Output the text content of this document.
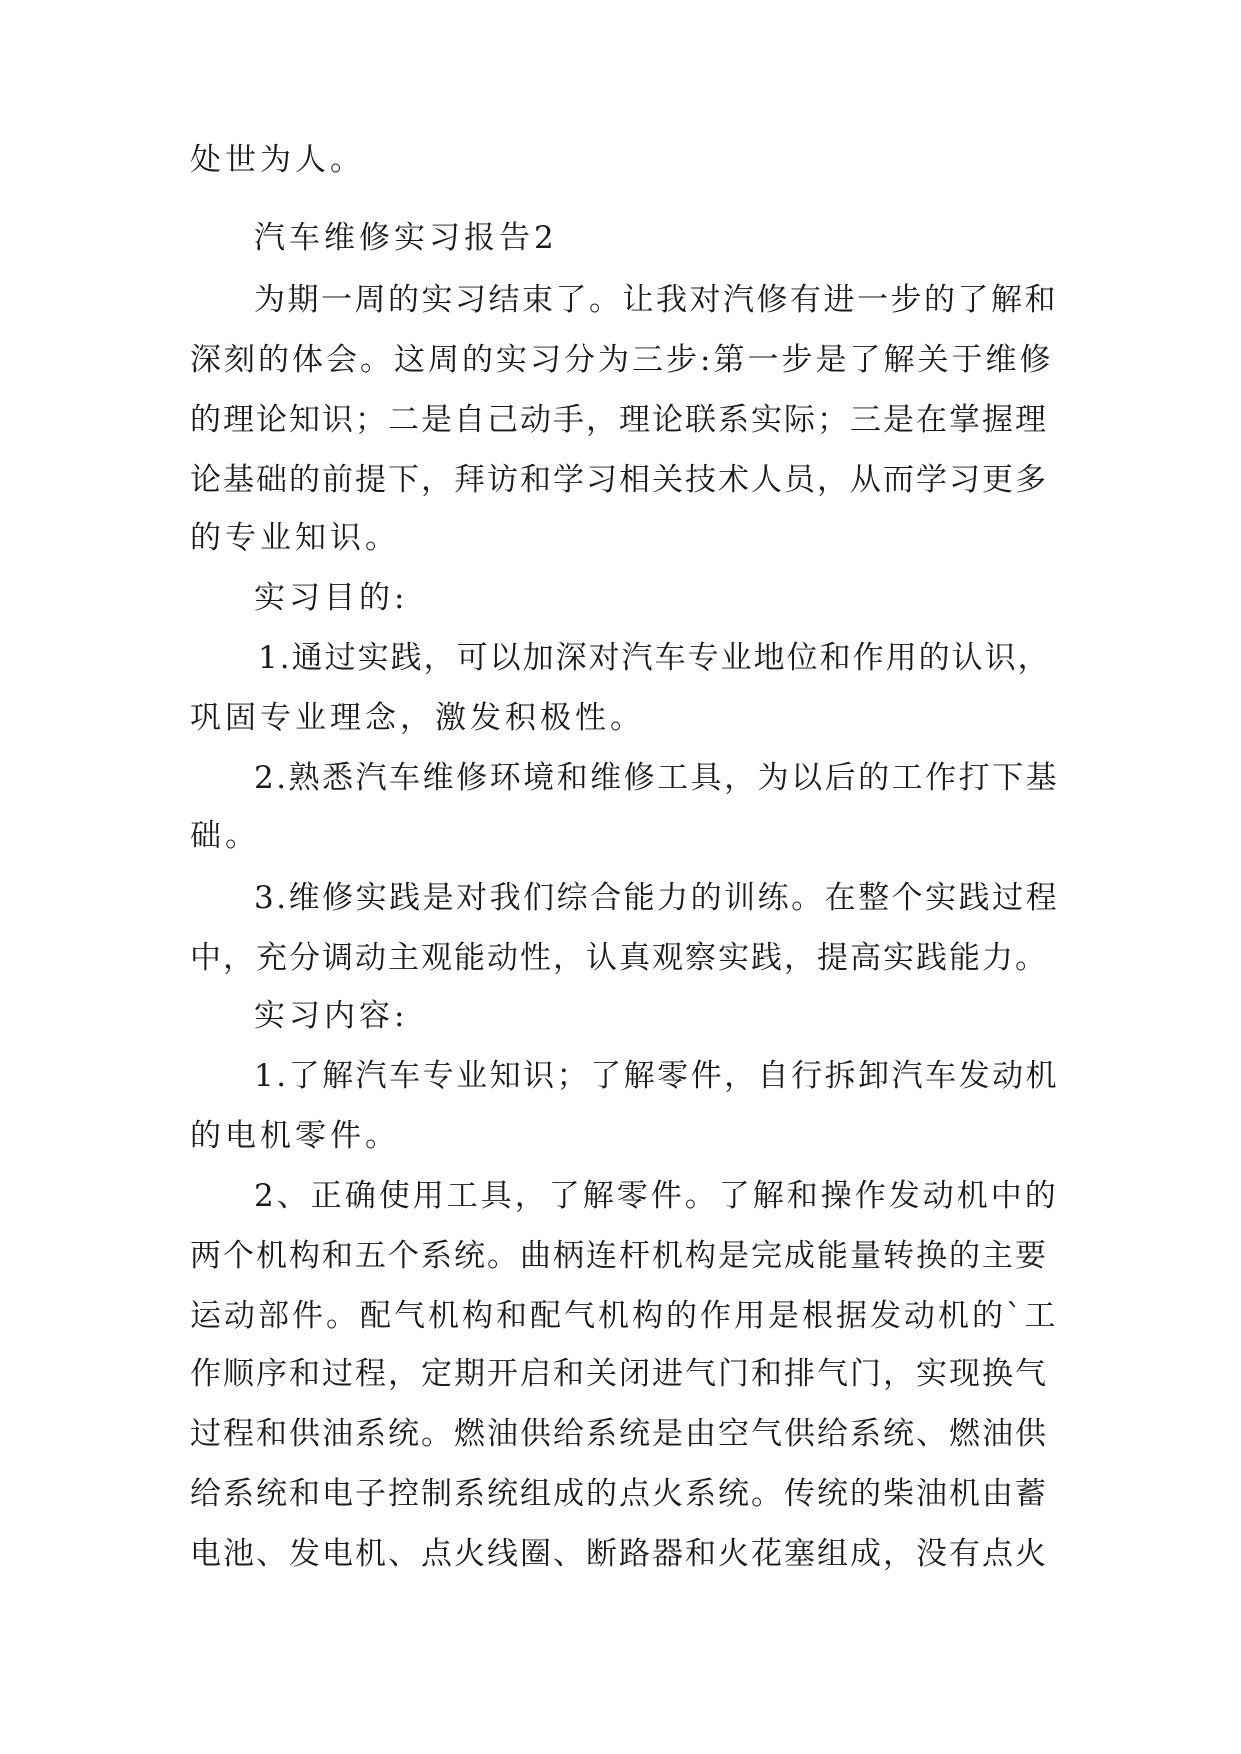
处世为人。
汽车维修实习报告2
为期一周的实习结束了。让我对汽修有进一步的了解和
深刻的体会。这周的实习分为三步:第一步是了解关于维修
的理论知识；二是自己动手，理论联系实际；三是在掌握理
论基础的前提下，拜访和学习相关技术人员，从而学习更多
的专业知识。
实习目的:
1.通过实践，可以加深对汽车专业地位和作用的认识，
巩固专业理念，激发积极性。
2.熟悉汽车维修环境和维修工具，为以后的工作打下基
础。
3.维修实践是对我们综合能力的训练。在整个实践过程
中，充分调动主观能动性，认真观察实践，提高实践能力。
实习内容:
1.了解汽车专业知识；了解零件，自行拆卸汽车发动机
的电机零件。
2、正确使用工具，了解零件。了解和操作发动机中的
两个机构和五个系统。曲柄连杆机构是完成能量转换的主要
运动部件。配气机构和配气机构的作用是根据发动机的`工
作顺序和过程，定期开启和关闭进气门和排气门，实现换气
过程和供油系统。燃油供给系统是由空气供给系统、燃油供
给系统和电子控制系统组成的点火系统。传统的柴油机由蓄
电池、发电机、点火线圈、断路器和火花塞组成，没有点火
